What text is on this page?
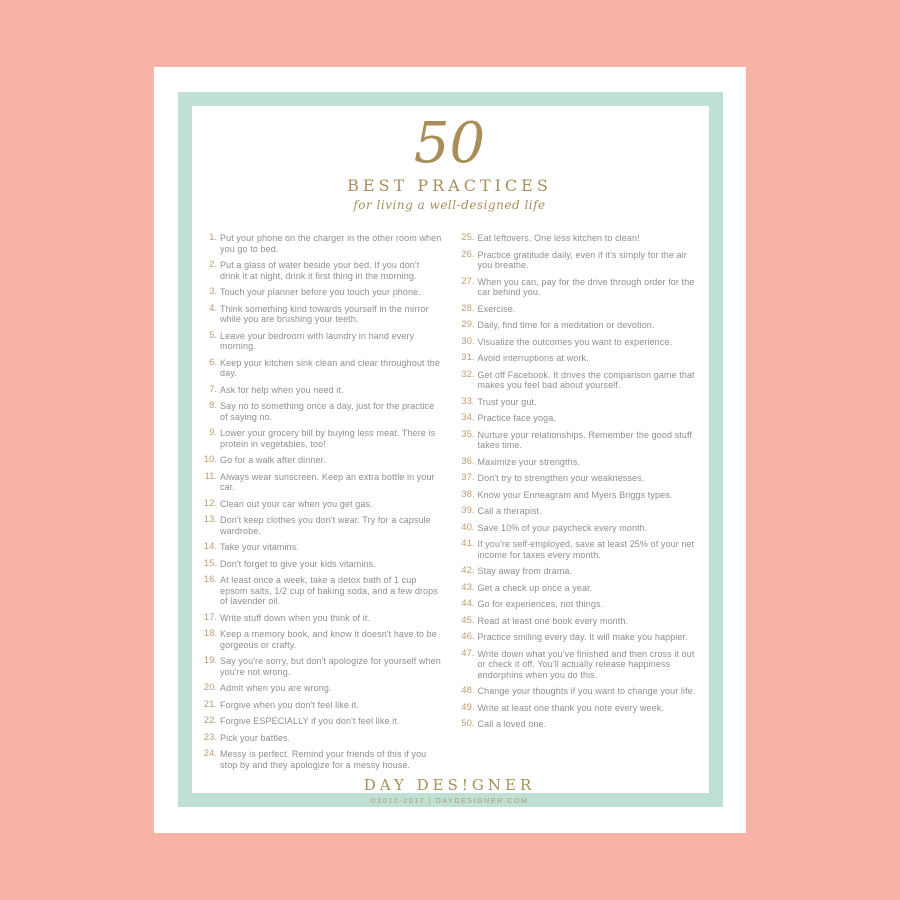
50
BEST PRACTICES
for living a well-designed life
1. Put your phone on the charger in the other room when you go to bed.
2. Put a glass of water beside your bed. If you don't drink it at night, drink it first thing in the morning.
3. Touch your planner before you touch your phone.
4. Think something kind towards yourself in the mirror while you are brushing your teeth.
5. Leave your bedroom with laundry in hand every morning.
6. Keep your kitchen sink clean and clear throughout the day.
7. Ask for help when you need it.
8. Say no to something once a day, just for the practice of saying no.
9. Lower your grocery bill by buying less meat. There is protein in vegetables, too!
10. Go for a walk after dinner.
11. Always wear sunscreen. Keep an extra bottle in your car.
12. Clean out your car when you get gas.
13. Don't keep clothes you don't wear. Try for a capsule wardrobe.
14. Take your vitamins.
15. Don't forget to give your kids vitamins.
16. At least once a week, take a detox bath of 1 cup epsom salts, 1/2 cup of baking soda, and a few drops of lavender oil.
17. Write stuff down when you think of it.
18. Keep a memory book, and know it doesn't have to be gorgeous or crafty.
19. Say you're sorry, but don't apologize for yourself when you're not wrong.
20. Admit when you are wrong.
21. Forgive when you don't feel like it.
22. Forgive ESPECIALLY if you don't feel like it.
23. Pick your battles.
24. Messy is perfect. Remind your friends of this if you stop by and they apologize for a messy house.
25. Eat leftovers. One less kitchen to clean!
26. Practice gratitude daily, even if it's simply for the air you breathe.
27. When you can, pay for the drive through order for the car behind you.
28. Exercise.
29. Daily, find time for a meditation or devotion.
30. Visualize the outcomes you want to experience.
31. Avoid interruptions at work.
32. Get off Facebook. It drives the comparison game that makes you feel bad about yourself.
33. Trust your gut.
34. Practice face yoga.
35. Nurture your relationships. Remember the good stuff takes time.
36. Maximize your strengths.
37. Don't try to strengthen your weaknesses.
38. Know your Enneagram and Myers Briggs types.
39. Call a therapist.
40. Save 10% of your paycheck every month.
41. If you're self-employed, save at least 25% of your net income for taxes every month.
42. Stay away from drama.
43. Get a check up once a year.
44. Go for experiences, not things.
45. Read at least one book every month.
46. Practice smiling every day. It will make you happier.
47. Write down what you've finished and then cross it out or check it off. You'll actually release happiness endorphins when you do this.
48. Change your thoughts if you want to change your life.
49. Write at least one thank you note every week.
50. Call a loved one.
DAY DES!GNER
©2012-2017 | DAYDESIGNER.COM
